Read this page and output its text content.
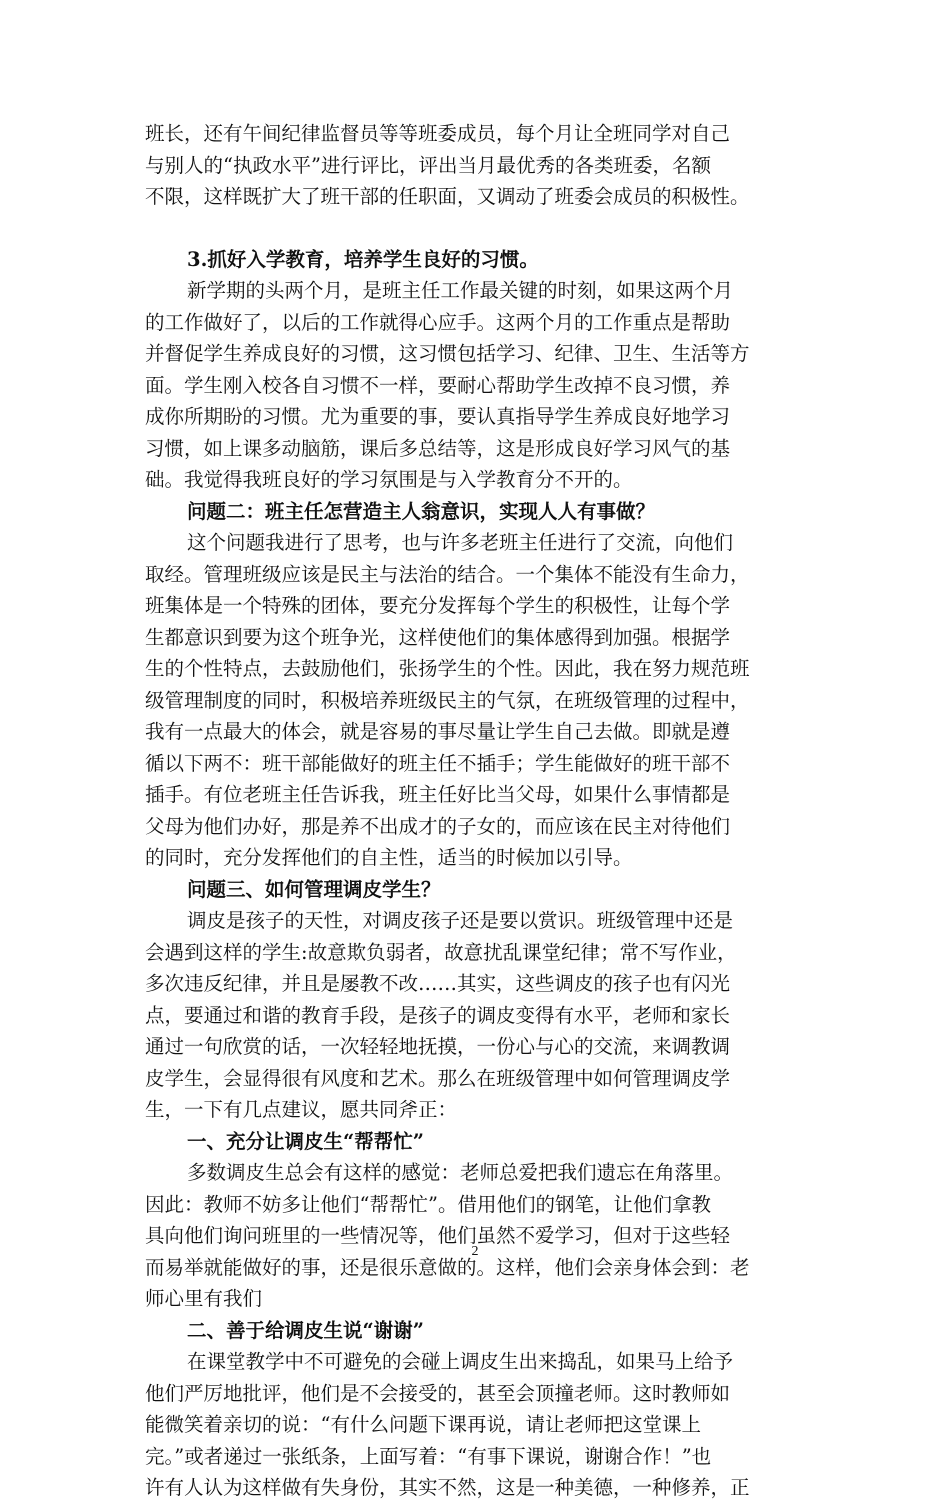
班长，还有午间纪律监督员等等班委成员，每个月让全班同学对自己
与别人的“执政水平”进行评比，评出当月最优秀的各类班委，名额
不限，这样既扩大了班干部的任职面，又调动了班委会成员的积极性。
3.抓好入学教育，培养学生良好的习惯。
新学期的头两个月，是班主任工作最关键的时刻，如果这两个月
的工作做好了，以后的工作就得心应手。这两个月的工作重点是帮助
并督促学生养成良好的习惯，这习惯包括学习、纪律、卫生、生活等方
面。学生刚入校各自习惯不一样，要耐心帮助学生改掉不良习惯，养
成你所期盼的习惯。尤为重要的事，要认真指导学生养成良好地学习
习惯，如上课多动脑筋，课后多总结等，这是形成良好学习风气的基
础。我觉得我班良好的学习氛围是与入学教育分不开的。
问题二：班主任怎营造主人翁意识，实现人人有事做？
这个问题我进行了思考，也与许多老班主任进行了交流，向他们
取经。管理班级应该是民主与法治的结合。一个集体不能没有生命力，
班集体是一个特殊的团体，要充分发挥每个学生的积极性，让每个学
生都意识到要为这个班争光，这样使他们的集体感得到加强。根据学
生的个性特点，去鼓励他们，张扬学生的个性。因此，我在努力规范班
级管理制度的同时，积极培养班级民主的气氛，在班级管理的过程中，
我有一点最大的体会，就是容易的事尽量让学生自己去做。即就是遵
循以下两不：班干部能做好的班主任不插手；学生能做好的班干部不
插手。有位老班主任告诉我，班主任好比当父母，如果什么事情都是
父母为他们办好，那是养不出成才的子女的，而应该在民主对待他们
的同时，充分发挥他们的自主性，适当的时候加以引导。
问题三、如何管理调皮学生？
调皮是孩子的天性，对调皮孩子还是要以赏识。班级管理中还是
会遇到这样的学生:故意欺负弱者，故意扰乱课堂纪律；常不写作业，
多次违反纪律，并且是屡教不改……其实，这些调皮的孩子也有闪光
点，要通过和谐的教育手段，是孩子的调皮变得有水平，老师和家长
通过一句欣赏的话，一次轻轻地抚摸，一份心与心的交流，来调教调
皮学生，会显得很有风度和艺术。那么在班级管理中如何管理调皮学
生，一下有几点建议，愿共同斧正：
一、充分让调皮生“帮帮忙”
多数调皮生总会有这样的感觉：老师总爱把我们遗忘在角落里。
因此：教师不妨多让他们“帮帮忙”。借用他们的钢笔，让他们拿教
具向他们询问班里的一些情况等，他们虽然不爱学习，但对于这些轻
而易举就能做好的事，还是很乐意做的。这样，他们会亲身体会到：老
师心里有我们
二、善于给调皮生说“谢谢”
在课堂教学中不可避免的会碰上调皮生出来捣乱，如果马上给予
他们严厉地批评，他们是不会接受的，甚至会顶撞老师。这时教师如
能微笑着亲切的说：“有什么问题下课再说，请让老师把这堂课上
完。”或者递过一张纸条，上面写着：“有事下课说，谢谢合作！”也
许有人认为这样做有失身份，其实不然，这是一种美德，一种修养，正
2
